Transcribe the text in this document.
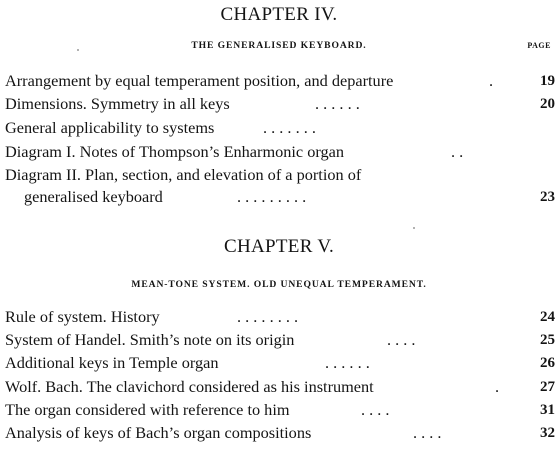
CHAPTER IV.
THE GENERALISED KEYBOARD.	PAGE
Arrangement by equal temperament position, and departure	.	19
Dimensions. Symmetry in all keys	. . . . . .	20
General applicability to systems	. . . . . . .
Diagram I. Notes of Thompson’s Enharmonic organ	. .
Diagram II. Plan, section, and elevation of a portion of
generalised keyboard	. . . . . . . . .	23
CHAPTER V.
MEAN-TONE SYSTEM. OLD UNEQUAL TEMPERAMENT.
Rule of system. History	. . . . . . . .	24
System of Handel. Smith’s note on its origin	. . . .	25
Additional keys in Temple organ	. . . . . .	26
Wolf. Bach. The clavichord considered as his instrument	.	27
The organ considered with reference to him	. . . .	31
Analysis of keys of Bach’s organ compositions	. . . .	32
